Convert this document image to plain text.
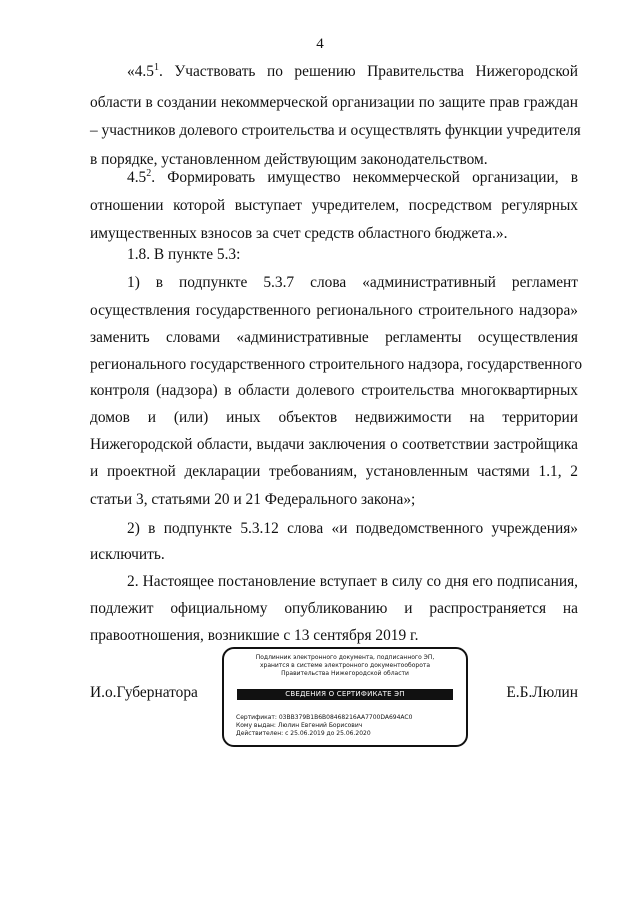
4
«$4.5^1$. Участвовать по решению Правительства Нижегородской
области в создании некоммерческой организации по защите прав граждан
– участников долевого строительства и осуществлять функции учредителя
в порядке, установленном действующим законодательством.
$4.5^2$. Формировать имущество некоммерческой организации, в
отношении которой выступает учредителем, посредством регулярных
имущественных взносов за счет средств областного бюджета.».
1.8. В пункте 5.3:
1) в подпункте 5.3.7 слова «административный регламент
осуществления государственного регионального строительного надзора»
заменить словами «административные регламенты осуществления
регионального государственного строительного надзора, государственного
контроля (надзора) в области долевого строительства многоквартирных
домов и (или) иных объектов недвижимости на территории
Нижегородской области, выдачи заключения о соответствии застройщика
и проектной декларации требованиям, установленным частями 1.1, 2
статьи 3, статьями 20 и 21 Федерального закона»;
2) в подпункте 5.3.12 слова «и подведомственного учреждения»
исключить.
2. Настоящее постановление вступает в силу со дня его подписания,
подлежит официальному опубликованию и распространяется на
правоотношения, возникшие с 13 сентября 2019 г.
И.о.Губернатора	Е.Б.Люлин
Подлинник электронного документа, подписанного ЭП,
хранится в системе электронного документооборота
Правительства Нижегородской области
СВЕДЕНИЯ О СЕРТИФИКАТЕ ЭП
Сертификат: 03BB379B1B6B08468216AA7700DA694AC0
Кому выдан: Люлин Евгений Борисович
Действителен: с 25.06.2019 до 25.06.2020
